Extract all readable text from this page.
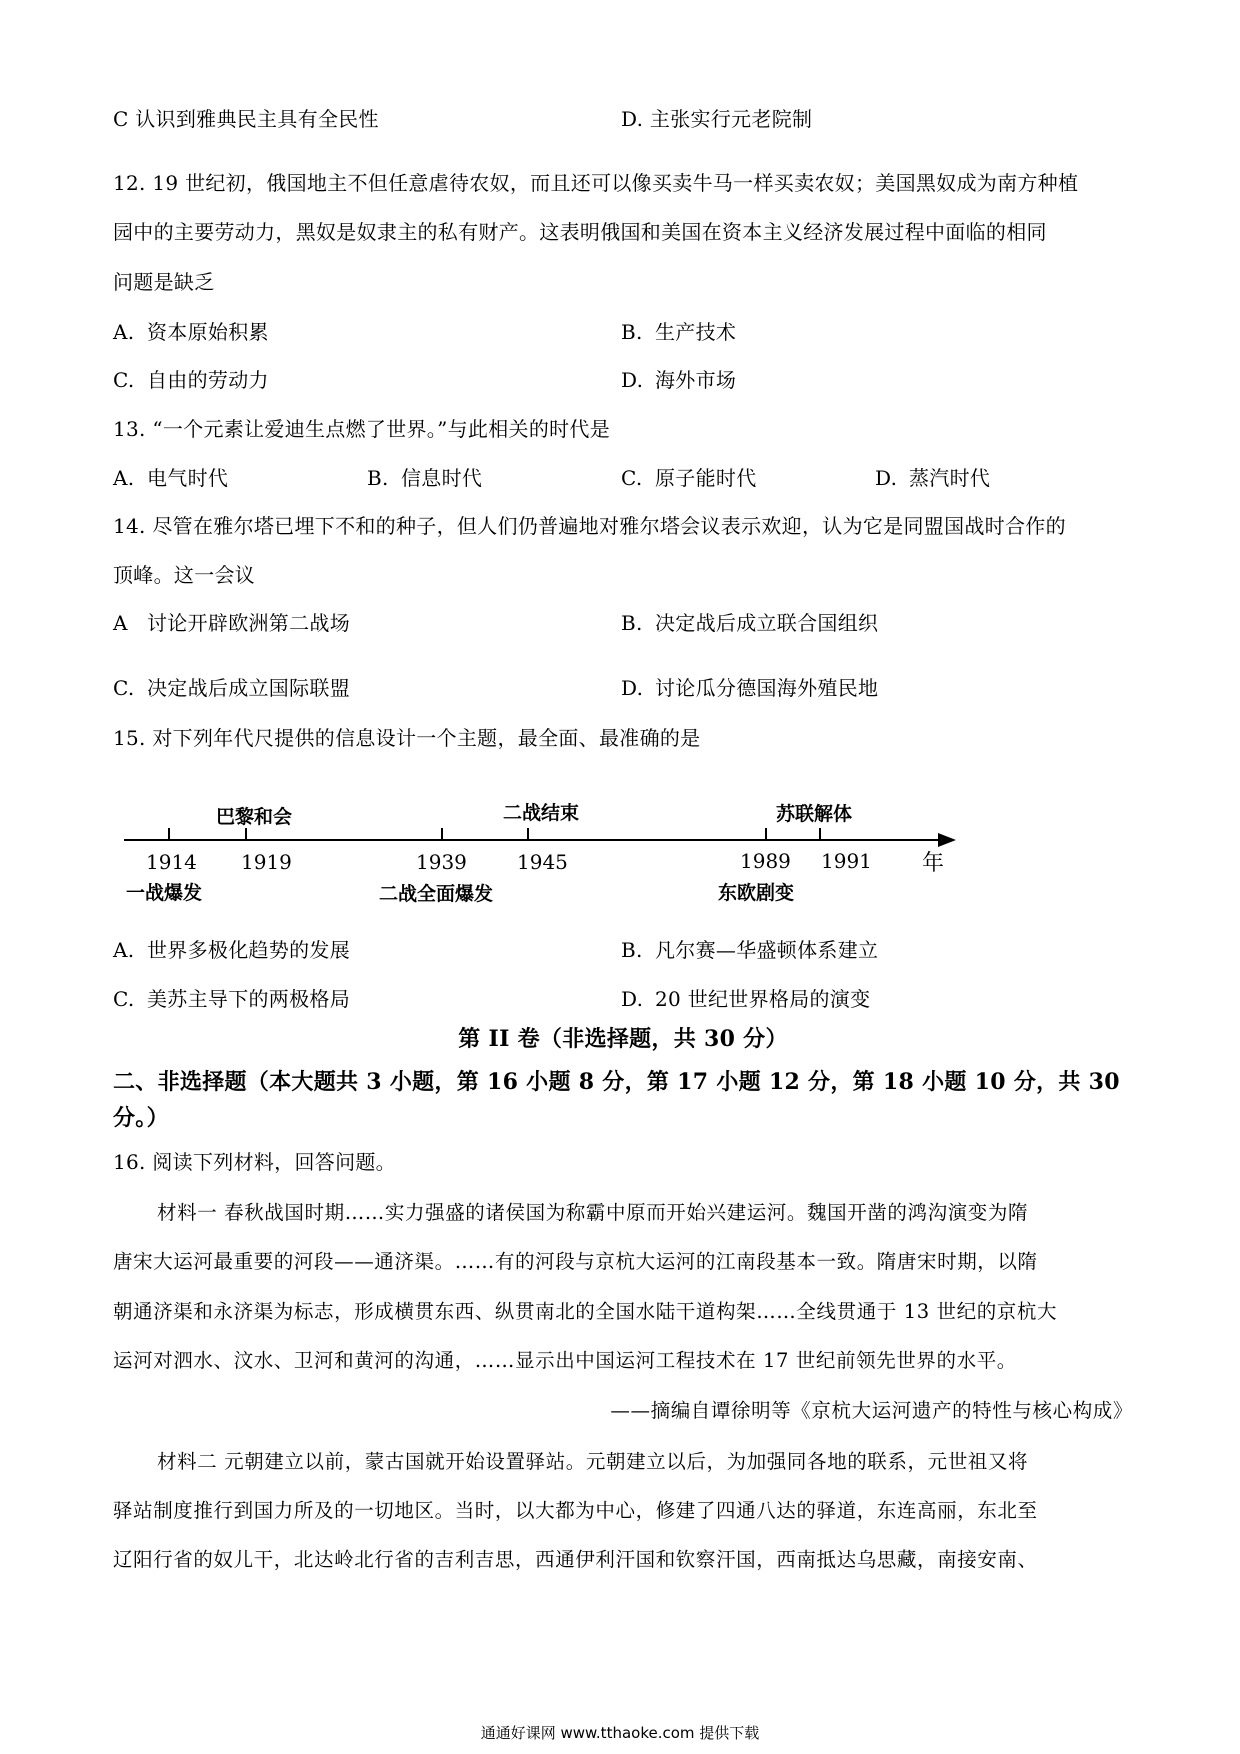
C 认识到雅典民主具有全民性	D. 主张实行元老院制
12. 19 世纪初，俄国地主不但任意虐待农奴，而且还可以像买卖牛马一样买卖农奴；美国黑奴成为南方种植
园中的主要劳动力，黑奴是奴隶主的私有财产。这表明俄国和美国在资本主义经济发展过程中面临的相同
问题是缺乏
A. 资本原始积累	B. 生产技术
C. 自由的劳动力	D. 海外市场
13. “一个元素让爱迪生点燃了世界。”与此相关的时代是
A. 电气时代	B. 信息时代	C. 原子能时代	D. 蒸汽时代
14. 尽管在雅尔塔已埋下不和的种子，但人们仍普遍地对雅尔塔会议表示欢迎，认为它是同盟国战时合作的
顶峰。这一会议
A 讨论开辟欧洲第二战场	B. 决定战后成立联合国组织
C. 决定战后成立国际联盟	D. 讨论瓜分德国海外殖民地
15. 对下列年代尺提供的信息设计一个主题，最全面、最准确的是
巴黎和会	二战结束	苏联解体
1914 1919	1939	1945	1989 1991 年
一战爆发	二战全面爆发	东欧剧变
A. 世界多极化趋势的发展	B. 凡尔赛—华盛顿体系建立
C. 美苏主导下的两极格局	D. 20 世纪世界格局的演变
第 II 卷（非选择题，共 30 分）
二、非选择题（本大题共 3 小题，第 16 小题 8 分，第 17 小题 12 分，第 18 小题 10 分，共 30
分。）
16. 阅读下列材料，回答问题。
材料一 春秋战国时期……实力强盛的诸侯国为称霸中原而开始兴建运河。魏国开凿的鸿沟演变为隋
唐宋大运河最重要的河段——通济渠。……有的河段与京杭大运河的江南段基本一致。隋唐宋时期，以隋
朝通济渠和永济渠为标志，形成横贯东西、纵贯南北的全国水陆干道构架……全线贯通于 13 世纪的京杭大
运河对泗水、汶水、卫河和黄河的沟通，……显示出中国运河工程技术在 17 世纪前领先世界的水平。
——摘编自谭徐明等《京杭大运河遗产的特性与核心构成》
材料二 元朝建立以前，蒙古国就开始设置驿站。元朝建立以后，为加强同各地的联系，元世祖又将
驿站制度推行到国力所及的一切地区。当时，以大都为中心，修建了四通八达的驿道，东连高丽，东北至
辽阳行省的奴儿干，北达岭北行省的吉利吉思，西通伊利汗国和钦察汗国，西南抵达乌思藏，南接安南、
通通好课网 www.tthaoke.com 提供下载
